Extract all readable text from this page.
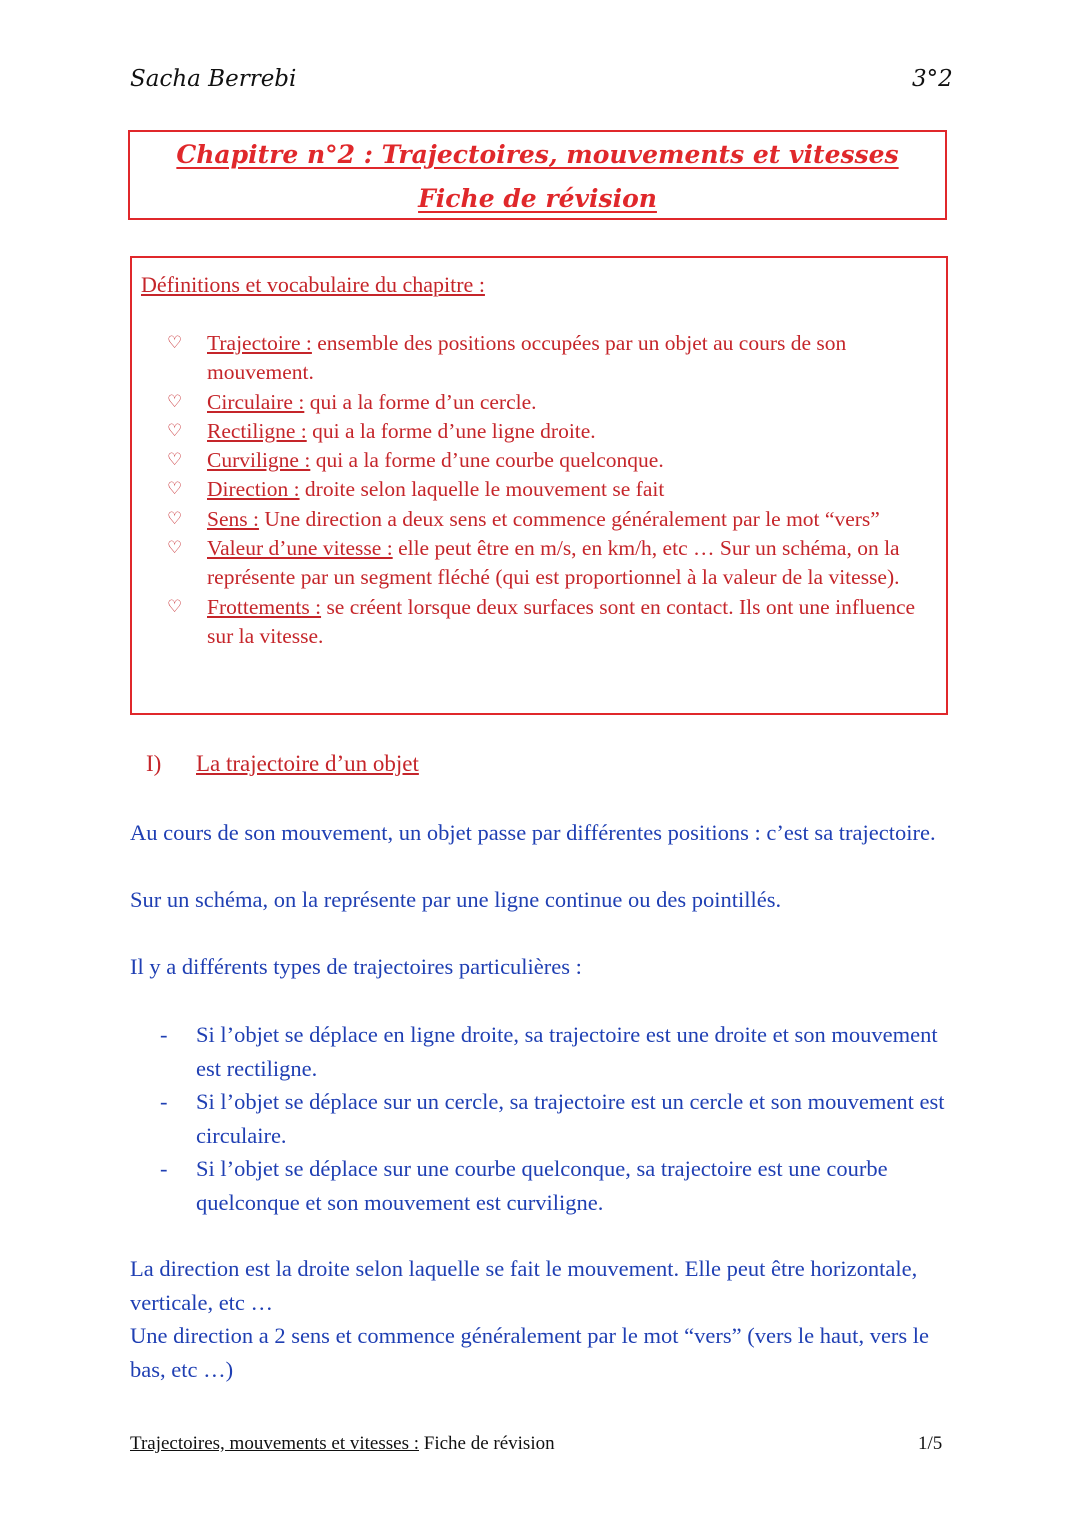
Sacha Berrebi	3°2
Chapitre n°2 : Trajectoires, mouvements et vitesses
Fiche de révision
Définitions et vocabulaire du chapitre :
♡	Trajectoire : ensemble des positions occupées par un objet au cours de son mouvement.
♡	Circulaire : qui a la forme d’un cercle.
♡	Rectiligne : qui a la forme d’une ligne droite.
♡	Curviligne : qui a la forme d’une courbe quelconque.
♡	Direction : droite selon laquelle le mouvement se fait
♡	Sens : Une direction a deux sens et commence généralement par le mot “vers”
♡	Valeur d’une vitesse : elle peut être en m/s, en km/h, etc … Sur un schéma, on la représente par un segment fléché (qui est proportionnel à la valeur de la vitesse).
♡	Frottements : se créent lorsque deux surfaces sont en contact. Ils ont une influence sur la vitesse.
I) La trajectoire d’un objet

Au cours de son mouvement, un objet passe par différentes positions : c’est sa trajectoire.

Sur un schéma, on la représente par une ligne continue ou des pointillés.

Il y a différents types de trajectoires particulières :

-	Si l’objet se déplace en ligne droite, sa trajectoire est une droite et son mouvement est rectiligne.
-	Si l’objet se déplace sur un cercle, sa trajectoire est un cercle et son mouvement est circulaire.
-	Si l’objet se déplace sur une courbe quelconque, sa trajectoire est une courbe quelconque et son mouvement est curviligne.

La direction est la droite selon laquelle se fait le mouvement. Elle peut être horizontale, verticale, etc …

Une direction a 2 sens et commence généralement par le mot “vers” (vers le haut, vers le bas, etc …)

Trajectoires, mouvements et vitesses : Fiche de révision	1/5
